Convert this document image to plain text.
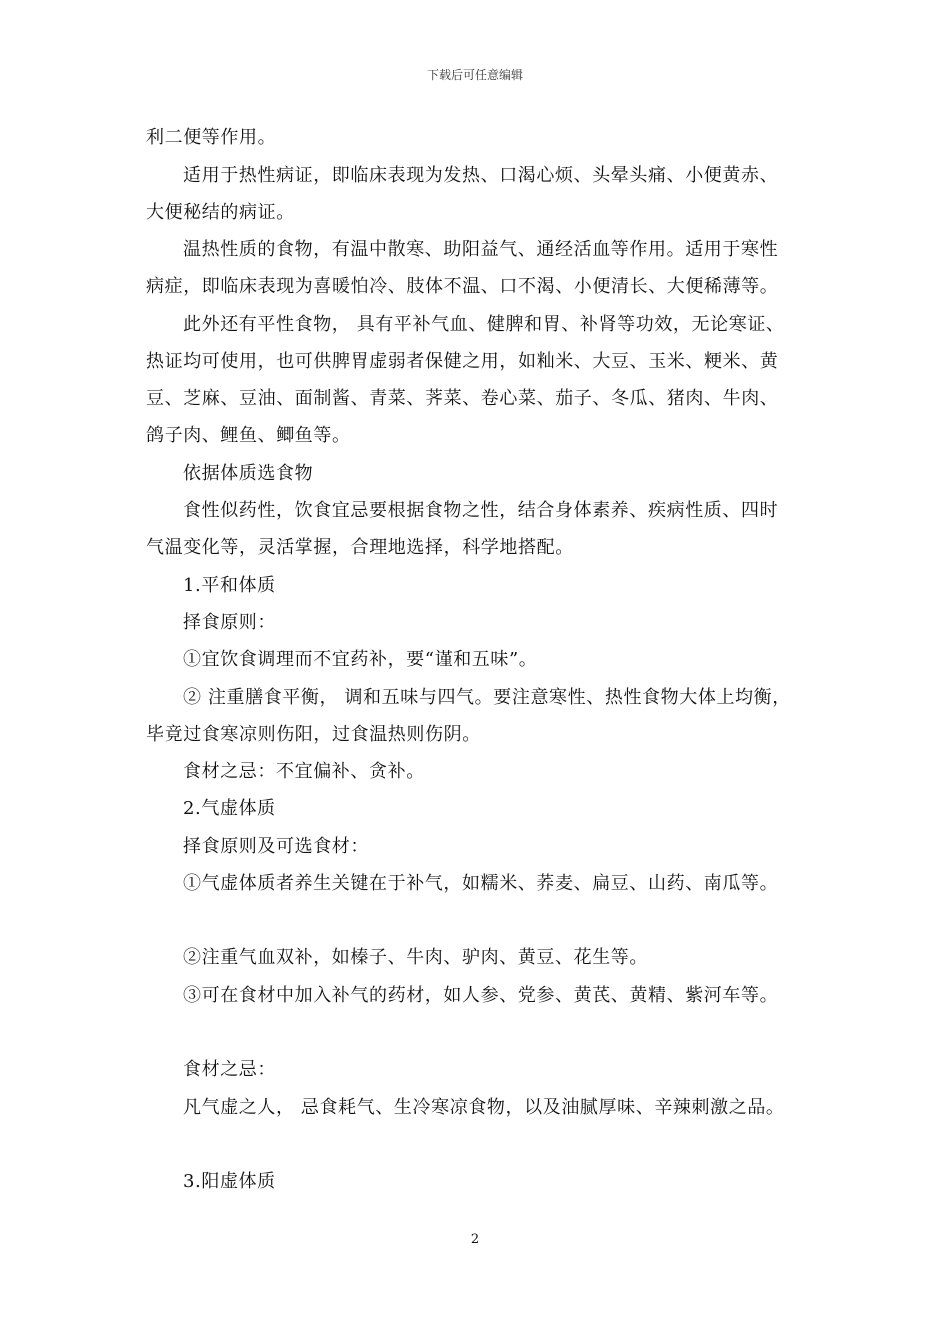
下载后可任意编辑
利二便等作用。
适用于热性病证，即临床表现为发热、口渴心烦、头晕头痛、小便黄赤、
大便秘结的病证。
温热性质的食物，有温中散寒、助阳益气、通经活血等作用。适用于寒性
病症，即临床表现为喜暖怕冷、肢体不温、口不渴、小便清长、大便稀薄等。
此外还有平性食物， 具有平补气血、健脾和胃、补肾等功效，无论寒证、
热证均可使用，也可供脾胃虚弱者保健之用，如籼米、大豆、玉米、粳米、黄
豆、芝麻、豆油、面制酱、青菜、荠菜、卷心菜、茄子、冬瓜、猪肉、牛肉、
鸽子肉、鲤鱼、鲫鱼等。
依据体质选食物
食性似药性，饮食宜忌要根据食物之性，结合身体素养、疾病性质、四时
气温变化等，灵活掌握，合理地选择，科学地搭配。
1.平和体质
择食原则：
①宜饮食调理而不宜药补，要“谨和五味”。
② 注重膳食平衡， 调和五味与四气。要注意寒性、热性食物大体上均衡，
毕竟过食寒凉则伤阳，过食温热则伤阴。
食材之忌：不宜偏补、贪补。
2.气虚体质
择食原则及可选食材：
①气虚体质者养生关键在于补气，如糯米、荞麦、扁豆、山药、南瓜等。
②注重气血双补，如榛子、牛肉、驴肉、黄豆、花生等。
③可在食材中加入补气的药材，如人参、党参、黄芪、黄精、紫河车等。
食材之忌：
凡气虚之人， 忌食耗气、生冷寒凉食物，以及油腻厚味、辛辣刺激之品。
3.阳虚体质
2
